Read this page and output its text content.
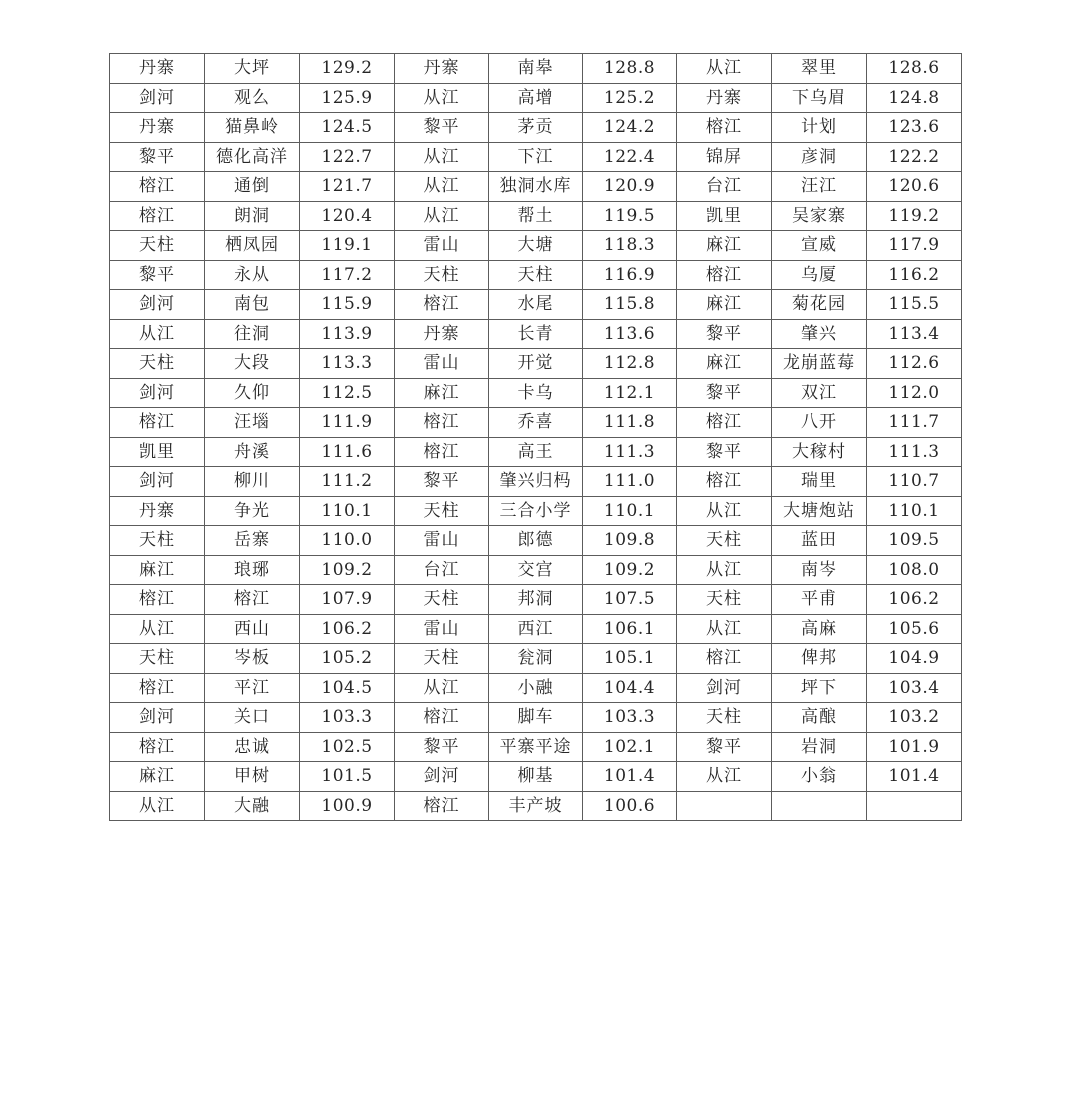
丹寨	大坪	129.2	丹寨	南皋	128.8	从江	翠里	128.6
剑河	观么	125.9	从江	高增	125.2	丹寨	下乌眉	124.8
丹寨	猫鼻岭	124.5	黎平	茅贡	124.2	榕江	计划	123.6
黎平	德化高洋	122.7	从江	下江	122.4	锦屏	彦洞	122.2
榕江	通倒	121.7	从江	独洞水库	120.9	台江	汪江	120.6
榕江	朗洞	120.4	从江	帮土	119.5	凯里	吴家寨	119.2
天柱	栖凤园	119.1	雷山	大塘	118.3	麻江	宣威	117.9
黎平	永从	117.2	天柱	天柱	116.9	榕江	乌厦	116.2
剑河	南包	115.9	榕江	水尾	115.8	麻江	菊花园	115.5
从江	往洞	113.9	丹寨	长青	113.6	黎平	肇兴	113.4
天柱	大段	113.3	雷山	开觉	112.8	麻江	龙崩蓝莓	112.6
剑河	久仰	112.5	麻江	卡乌	112.1	黎平	双江	112.0
榕江	汪堖	111.9	榕江	乔喜	111.8	榕江	八开	111.7
凯里	舟溪	111.6	榕江	高王	111.3	黎平	大稼村	111.3
剑河	柳川	111.2	黎平	肇兴归杩	111.0	榕江	瑞里	110.7
丹寨	争光	110.1	天柱	三合小学	110.1	从江	大塘炮站	110.1
天柱	岳寨	110.0	雷山	郎德	109.8	天柱	蓝田	109.5
麻江	琅琊	109.2	台江	交宫	109.2	从江	南岑	108.0
榕江	榕江	107.9	天柱	邦洞	107.5	天柱	平甫	106.2
从江	西山	106.2	雷山	西江	106.1	从江	高麻	105.6
天柱	岑板	105.2	天柱	瓮洞	105.1	榕江	俾邦	104.9
榕江	平江	104.5	从江	小融	104.4	剑河	坪下	103.4
剑河	关口	103.3	榕江	脚车	103.3	天柱	高酿	103.2
榕江	忠诚	102.5	黎平	平寨平途	102.1	黎平	岩洞	101.9
麻江	甲树	101.5	剑河	柳基	101.4	从江	小翁	101.4
从江	大融	100.9	榕江	丰产坡	100.6			
